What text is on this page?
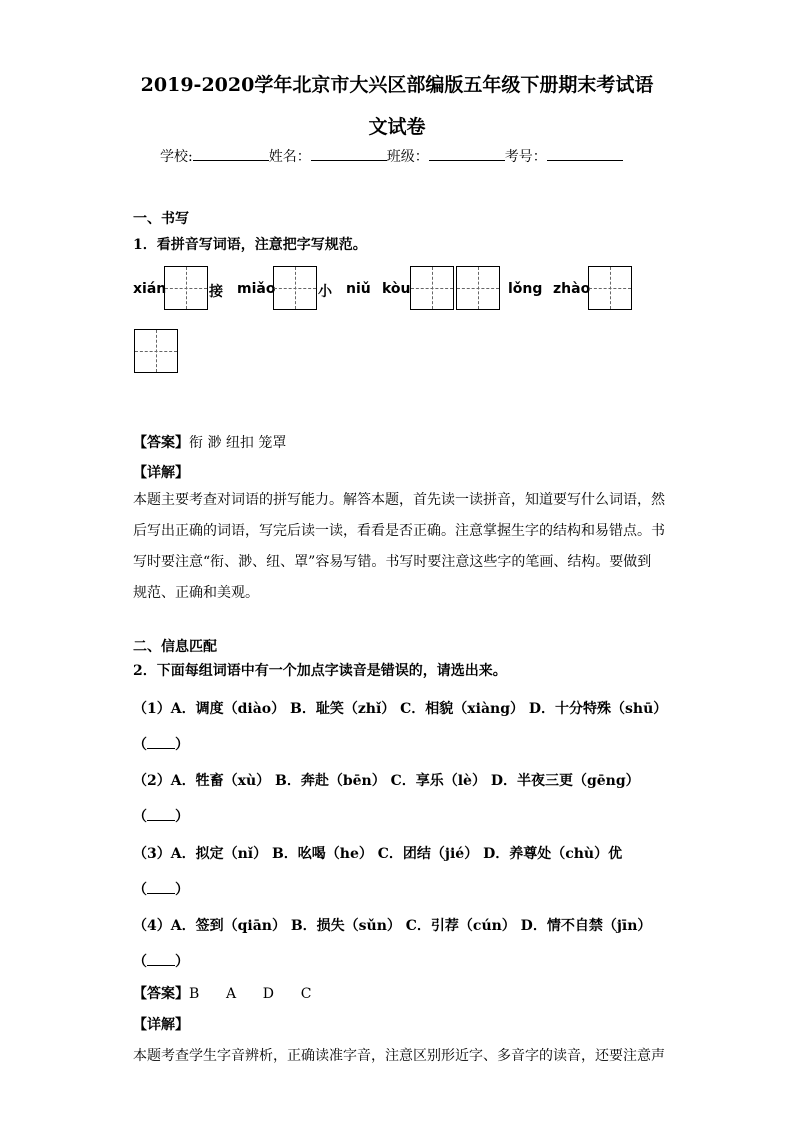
2019-2020学年北京市大兴区部编版五年级下册期末考试语
文试卷
学校:	姓名：	班级：	考号：
一、书写
1．看拼音写词语，注意把字写规范。
xián	接 miǎo	小 niǔ kòu	lǒng zhào
【答案】衔 渺 纽扣 笼罩
【详解】
本题主要考查对词语的拼写能力。解答本题，首先读一读拼音，知道要写什么词语，然后写出正确的词语，写完后读一读，看看是否正确。注意掌握生字的结构和易错点。书写时要注意“衔、渺、纽、罩”容易写错。书写时要注意这些字的笔画、结构。要做到规范、正确和美观。
二、信息匹配
2．下面每组词语中有一个加点字读音是错误的，请选出来。
（1）A．调度（diào） B．耻笑（zhǐ） C．相貌（xiàng） D．十分特殊（shū）
（ ）
（2）A．牲畜（xù） B．奔赴（bēn） C．享乐（lè） D．半夜三更（gēng）
（ ）
（3）A．拟定（nǐ） B．吆喝（he） C．团结（jié） D．养尊处（chù）优
（ ）
（4）A．签到（qiān） B．损失（sǔn） C．引荐（cún） D．情不自禁（jīn）
（ ）
【答案】B      A      D      C
【详解】
本题考查学生字音辨析，正确读准字音，注意区别形近字、多音字的读音，还要注意声
